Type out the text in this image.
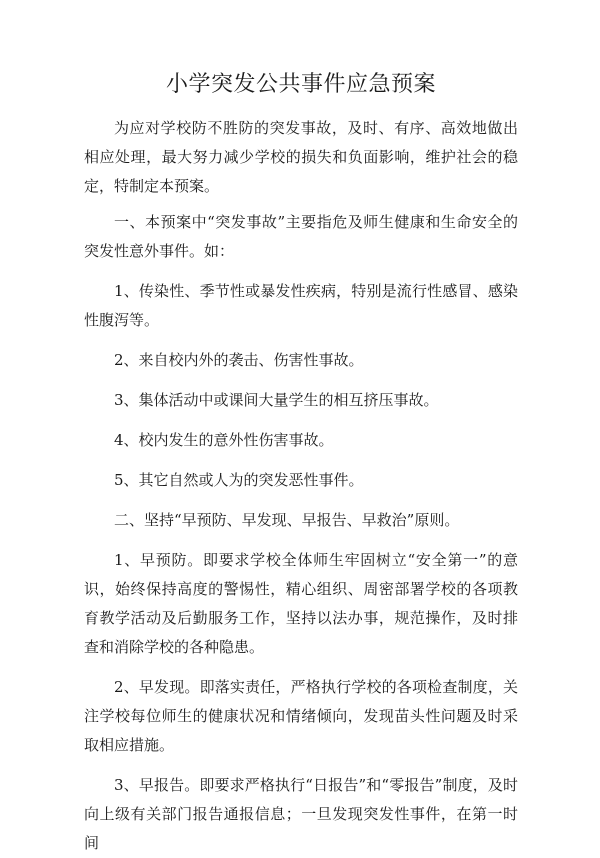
小学突发公共事件应急预案

为应对学校防不胜防的突发事故，及时、有序、高效地做出相应处理，最大努力减少学校的损失和负面影响，维护社会的稳定，特制定本预案。

一、本预案中“突发事故”主要指危及师生健康和生命安全的突发性意外事件。如：

1、传染性、季节性或暴发性疾病，特别是流行性感冒、感染性腹泻等。

2、来自校内外的袭击、伤害性事故。

3、集体活动中或课间大量学生的相互挤压事故。

4、校内发生的意外性伤害事故。

5、其它自然或人为的突发恶性事件。

二、坚持“早预防、早发现、早报告、早救治”原则。

1、早预防。即要求学校全体师生牢固树立“安全第一”的意识，始终保持高度的警惕性，精心组织、周密部署学校的各项教育教学活动及后勤服务工作，坚持以法办事，规范操作，及时排查和消除学校的各种隐患。

2、早发现。即落实责任，严格执行学校的各项检查制度，关注学校每位师生的健康状况和情绪倾向，发现苗头性问题及时采取相应措施。

3、早报告。即要求严格执行“日报告”和“零报告”制度，及时向上级有关部门报告通报信息；一旦发现突发性事件，在第一时间
